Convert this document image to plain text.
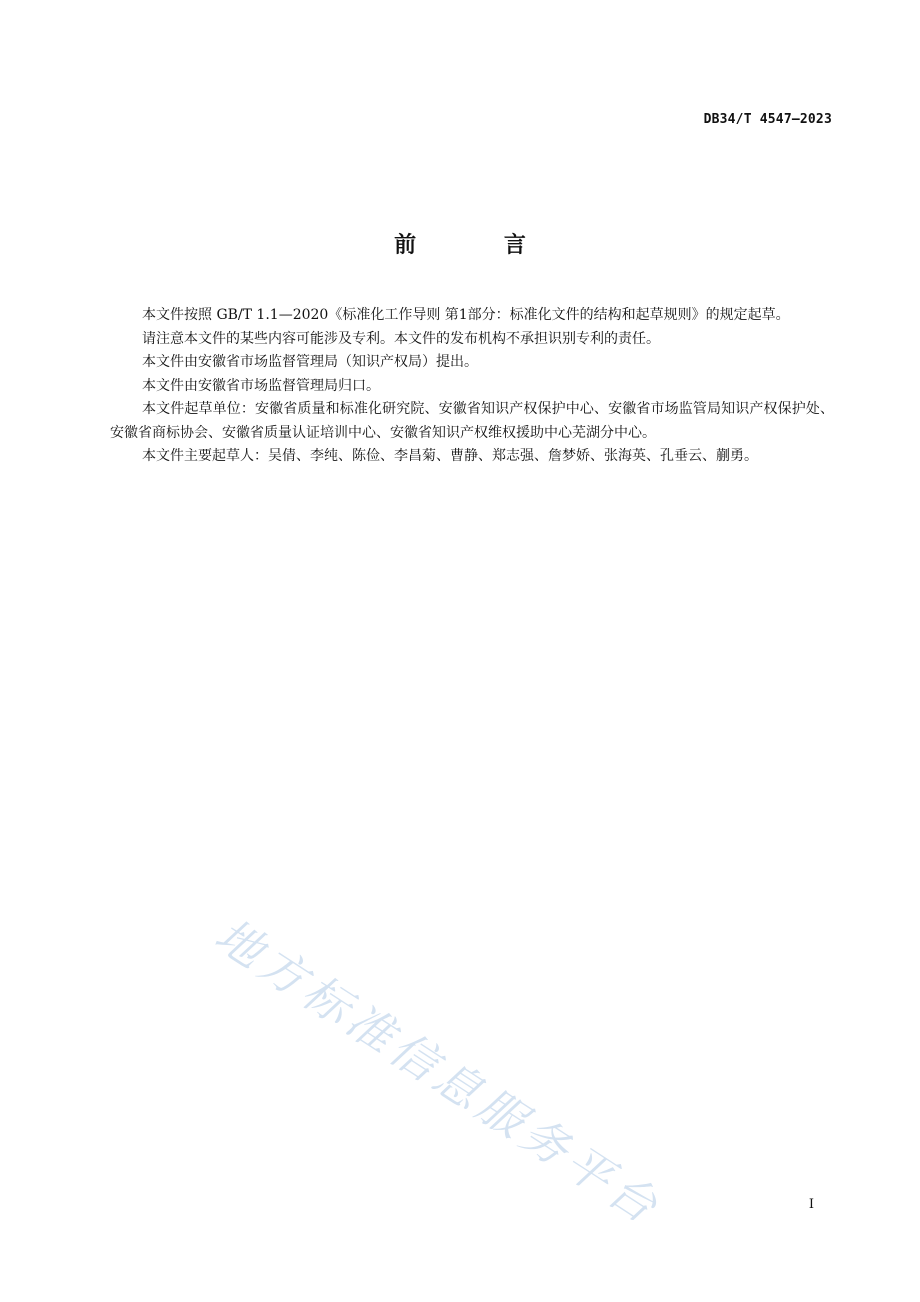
DB34/T 4547—2023
前 言

本文件按照 GB/T 1.1—2020《标准化工作导则 第1部分：标准化文件的结构和起草规则》的规定起草。

请注意本文件的某些内容可能涉及专利。本文件的发布机构不承担识别专利的责任。

本文件由安徽省市场监督管理局（知识产权局）提出。

本文件由安徽省市场监督管理局归口。

本文件起草单位：安徽省质量和标准化研究院、安徽省知识产权保护中心、安徽省市场监管局知识产权保护处、安徽省商标协会、安徽省质量认证培训中心、安徽省知识产权维权援助中心芜湖分中心。

本文件主要起草人：吴倩、李纯、陈俭、李昌菊、曹静、郑志强、詹梦娇、张海英、孔垂云、蒯勇。

地方标准信息服务平台	I
